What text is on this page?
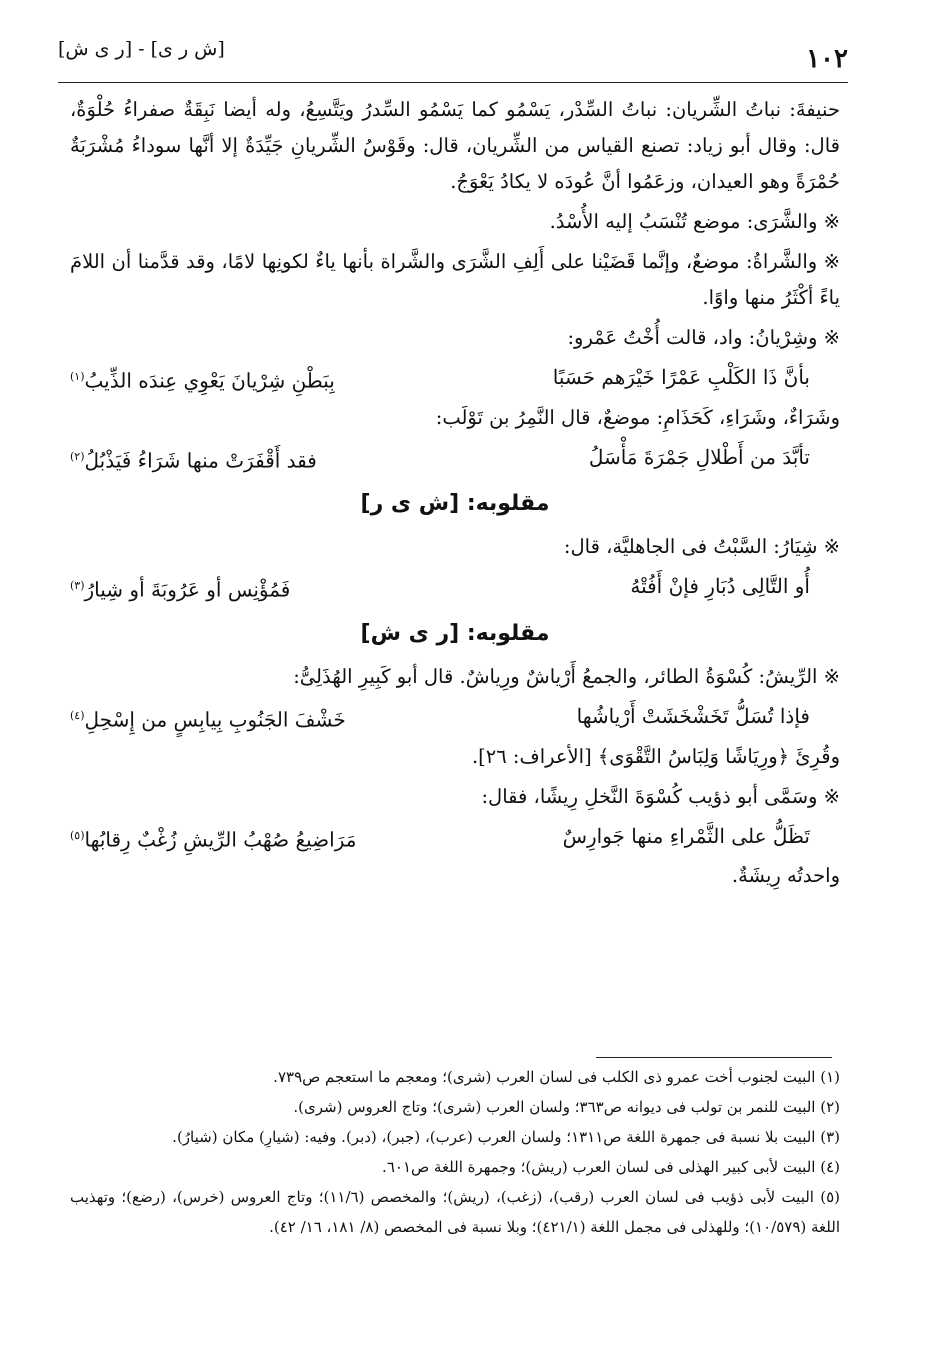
[ش ر ى] - [ر ى ش]	١٠٢

حنيفةَ: نباتُ الشِّريان: نباتُ السِّدْر، يَسْمُو كما يَسْمُو السِّدرُ ويَتَّسِعُ، وله أيضا نَبِقَةٌ صفراءُ حُلْوَةٌ، قال: وقال أبو زياد: تصنع القياس من الشِّريان، قال: وقَوْسُ الشِّريانِ جَيِّدَةٌ إلا أنَّها سوداءُ مُشْرَبَةٌ حُمْرَةً وهو العيدان، وزعَمُوا أنَّ عُودَه لا يكادُ يَعْوَجُ.

※ والشَّرَى: موضع تُنْسَبُ إليه الأُسْدُ.

※ والشَّراةُ: موضعٌ، وإنَّما قَضَيْنا على أَلِفِ الشَّرَى والشَّراة بأنها ياءٌ لكونِها لامًا، وقد قدَّمنا أن اللامَ ياءً أكْثَرُ منها واوًا.

※ وشِرْيانُ: واد، قالت أُخْتُ عَمْرو:

بأنَّ ذَا الكَلْبِ عَمْرًا خَيْرَهم حَسَبًا
بِبَطْنِ شِرْيانَ يَعْوِي عِندَه الذِّيبُ$^{(١)}$

وشَرَاءٌ، وشَرَاءِ، كَحَذَامِ: موضعٌ، قال النَّمِرُ بن تَوْلَب:

تأبَّدَ من أَطْلالِ جَمْرَةَ مَأْسَلُ
فقد أَقْفَرَتْ منها شَرَاءُ فَيَذْبُلُ$^{(٢)}$
مقلوبه: [ش ى ر]

※ شِيَارُ: السَّبْتُ فى الجاهليَّة، قال:

أُو التَّالِى دُبَارِ فإنْ أَفُتْهُ
فَمُؤْنِس أو عَرُوبَةَ أو شِيارُ$^{(٣)}$
مقلوبه: [ر ى ش]

※ الرِّيشُ: كُسْوَةُ الطائر، والجمعُ أَرْياشٌ ورِياشٌ. قال أبو كَبِيرِ الهُذَلِىُّ:

فإذا تُسَلُّ تَخَشْخَشَتْ أَرْياشُها
خَشْفَ الجَنُوبِ بِيابِسٍ من إِسْحِلِ$^{(٤)}$

وقُرِئَ ﴿ورِيَاشًا وَلِبَاسُ التَّقْوَى﴾ [الأعراف: ٢٦].

※ وسَمَّى أبو ذؤيب كُسْوَةَ النَّخلِ رِيشًا، فقال:

تَظَلُّ على الثَّمْراءِ منها جَوارِسٌ
مَرَاضِيعُ صُهْبُ الرِّيشِ زُغْبٌ رِقابُها$^{(٥)}$

واحدتُه رِيشَةٌ.

(١) البيت لجنوب أخت عمرو ذى الكلب فى لسان العرب (شرى)؛ ومعجم ما استعجم ص٧٣٩.

(٢) البيت للنمر بن تولب فى ديوانه ص٣٦٣؛ ولسان العرب (شرى)؛ وتاج العروس (شرى).

(٣) البيت بلا نسبة فى جمهرة اللغة ص١٣١١؛ ولسان العرب (عرب)، (جبر)، (دبر). وفيه: (شيارِ) مكان (شيارُ).

(٤) البيت لأبى كبير الهذلى فى لسان العرب (ريش)؛ وجمهرة اللغة ص٦٠١.

(٥) البيت لأبى ذؤيب فى لسان العرب (رقب)، (زغب)، (ريش)؛ والمخصص (١١/٦)؛ وتاج العروس (خرس)، (رضع)؛ وتهذيب اللغة (١٠/٥٧٩)؛ وللهذلى فى مجمل اللغة (٤٢١/١)؛ وبلا نسبة فى المخصص (٨/ ١٨١، ١٦/ ٤٢).
